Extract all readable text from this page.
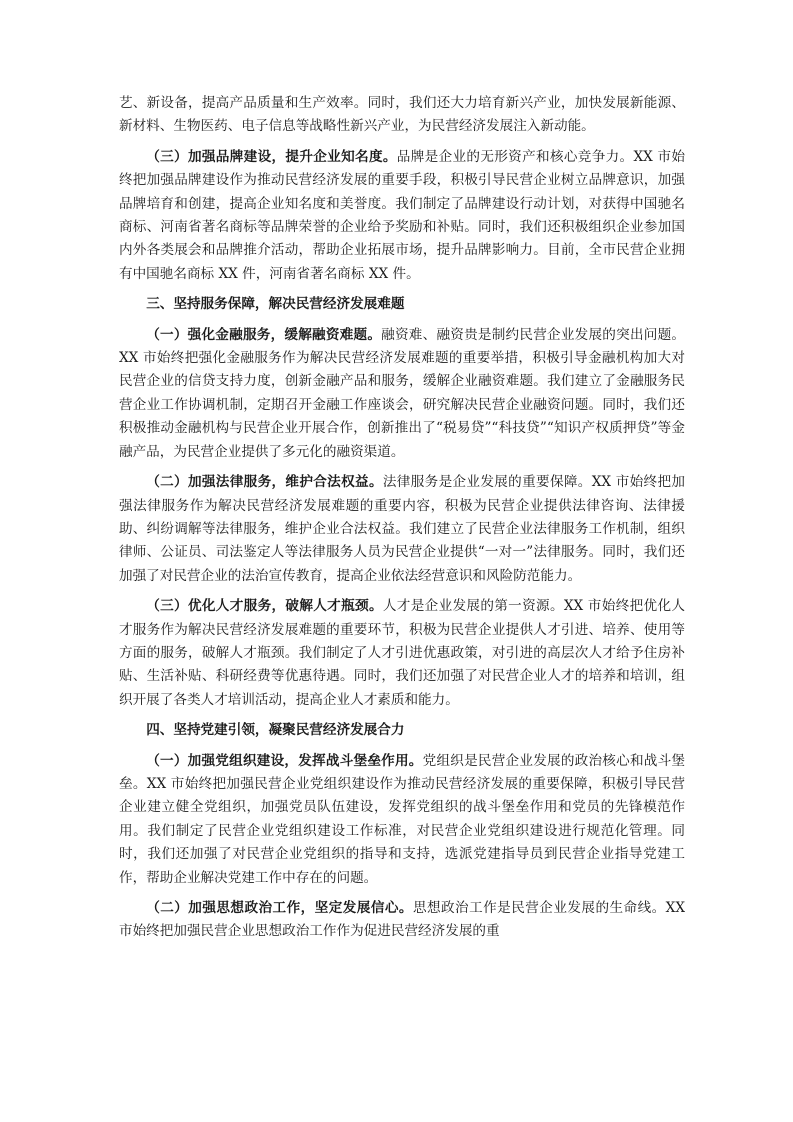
艺、新设备，提高产品质量和生产效率。同时，我们还大力培育新兴产业，加快发展新能源、新材料、生物医药、电子信息等战略性新兴产业，为民营经济发展注入新动能。

（三）加强品牌建设，提升企业知名度。品牌是企业的无形资产和核心竞争力。XX 市始终把加强品牌建设作为推动民营经济发展的重要手段，积极引导民营企业树立品牌意识，加强品牌培育和创建，提高企业知名度和美誉度。我们制定了品牌建设行动计划，对获得中国驰名商标、河南省著名商标等品牌荣誉的企业给予奖励和补贴。同时，我们还积极组织企业参加国内外各类展会和品牌推介活动，帮助企业拓展市场，提升品牌影响力。目前，全市民营企业拥有中国驰名商标 XX 件，河南省著名商标 XX 件。

三、坚持服务保障，解决民营经济发展难题

（一）强化金融服务，缓解融资难题。融资难、融资贵是制约民营企业发展的突出问题。XX 市始终把强化金融服务作为解决民营经济发展难题的重要举措，积极引导金融机构加大对民营企业的信贷支持力度，创新金融产品和服务，缓解企业融资难题。我们建立了金融服务民营企业工作协调机制，定期召开金融工作座谈会，研究解决民营企业融资问题。同时，我们还积极推动金融机构与民营企业开展合作，创新推出了“税易贷”“科技贷”“知识产权质押贷”等金融产品，为民营企业提供了多元化的融资渠道。

（二）加强法律服务，维护合法权益。法律服务是企业发展的重要保障。XX 市始终把加强法律服务作为解决民营经济发展难题的重要内容，积极为民营企业提供法律咨询、法律援助、纠纷调解等法律服务，维护企业合法权益。我们建立了民营企业法律服务工作机制，组织律师、公证员、司法鉴定人等法律服务人员为民营企业提供“一对一”法律服务。同时，我们还加强了对民营企业的法治宣传教育，提高企业依法经营意识和风险防范能力。

（三）优化人才服务，破解人才瓶颈。人才是企业发展的第一资源。XX 市始终把优化人才服务作为解决民营经济发展难题的重要环节，积极为民营企业提供人才引进、培养、使用等方面的服务，破解人才瓶颈。我们制定了人才引进优惠政策，对引进的高层次人才给予住房补贴、生活补贴、科研经费等优惠待遇。同时，我们还加强了对民营企业人才的培养和培训，组织开展了各类人才培训活动，提高企业人才素质和能力。

四、坚持党建引领，凝聚民营经济发展合力

（一）加强党组织建设，发挥战斗堡垒作用。党组织是民营企业发展的政治核心和战斗堡垒。XX 市始终把加强民营企业党组织建设作为推动民营经济发展的重要保障，积极引导民营企业建立健全党组织，加强党员队伍建设，发挥党组织的战斗堡垒作用和党员的先锋模范作用。我们制定了民营企业党组织建设工作标准，对民营企业党组织建设进行规范化管理。同时，我们还加强了对民营企业党组织的指导和支持，选派党建指导员到民营企业指导党建工作，帮助企业解决党建工作中存在的问题。

（二）加强思想政治工作，坚定发展信心。思想政治工作是民营企业发展的生命线。XX 市始终把加强民营企业思想政治工作作为促进民营经济发展的重
